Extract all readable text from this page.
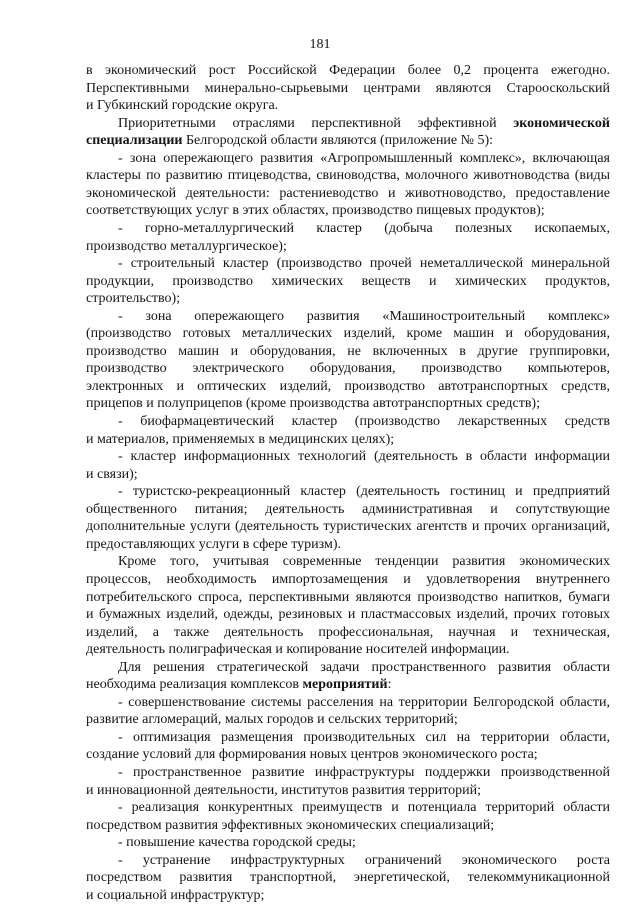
181
в экономический рост Российской Федерации более 0,2 процента ежегодно.
Перспективными минерально-сырьевыми центрами являются Старооскольский
и Губкинский городские округа.
Приоритетными отраслями перспективной эффективной экономической
специализации Белгородской области являются (приложение № 5):
- зона опережающего развития «Агропромышленный комплекс», включающая
кластеры по развитию птицеводства, свиноводства, молочного животноводства (виды
экономической деятельности: растениеводство и животноводство, предоставление
соответствующих услуг в этих областях, производство пищевых продуктов);
- горно-металлургический кластер (добыча полезных ископаемых,
производство металлургическое);
- строительный кластер (производство прочей неметаллической минеральной
продукции, производство химических веществ и химических продуктов,
строительство);
- зона опережающего развития «Машиностроительный комплекс»
(производство готовых металлических изделий, кроме машин и оборудования,
производство машин и оборудования, не включенных в другие группировки,
производство электрического оборудования, производство компьютеров,
электронных и оптических изделий, производство автотранспортных средств,
прицепов и полуприцепов (кроме производства автотранспортных средств);
- биофармацевтический кластер (производство лекарственных средств
и материалов, применяемых в медицинских целях);
- кластер информационных технологий (деятельность в области информации
и связи);
- туристско-рекреационный кластер (деятельность гостиниц и предприятий
общественного питания; деятельность административная и сопутствующие
дополнительные услуги (деятельность туристических агентств и прочих организаций,
предоставляющих услуги в сфере туризм).
Кроме того, учитывая современные тенденции развития экономических
процессов, необходимость импортозамещения и удовлетворения внутреннего
потребительского спроса, перспективными являются производство напитков, бумаги
и бумажных изделий, одежды, резиновых и пластмассовых изделий, прочих готовых
изделий, а также деятельность профессиональная, научная и техническая,
деятельность полиграфическая и копирование носителей информации.
Для решения стратегической задачи пространственного развития области
необходима реализация комплексов мероприятий:
- совершенствование системы расселения на территории Белгородской области,
развитие агломераций, малых городов и сельских территорий;
- оптимизация размещения производительных сил на территории области,
создание условий для формирования новых центров экономического роста;
- пространственное развитие инфраструктуры поддержки производственной
и инновационной деятельности, институтов развития территорий;
- реализация конкурентных преимуществ и потенциала территорий области
посредством развития эффективных экономических специализаций;
- повышение качества городской среды;
- устранение инфраструктурных ограничений экономического роста
посредством развития транспортной, энергетической, телекоммуникационной
и социальной инфраструктур;
